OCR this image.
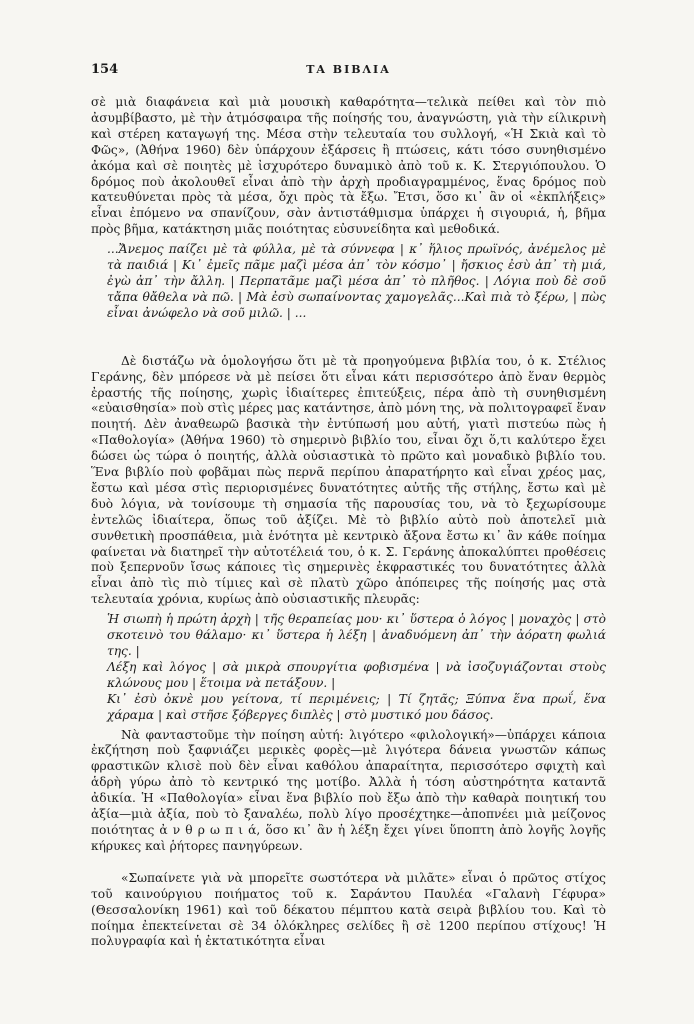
154	ΤΑ ΒΙΒΛΙΑ

σὲ μιὰ διαφάνεια καὶ μιὰ μουσικὴ καθαρότητα—τελικὰ πείθει καὶ τὸν πιὸ ἀσυμβίβαστο, μὲ τὴν ἀτμόσφαιρα τῆς ποίησής του, ἀναγνώστη, γιὰ τὴν είλικρινὴ καὶ στέρεη καταγωγή της. Μέσα στὴν τελευταία του συλλογή, «Ἡ Σκιὰ καὶ τὸ Φῶς», (Ἀθήνα 1960) δὲν ὑπάρχουν ἐξάρσεις ἢ πτώσεις, κάτι τόσο συνηθισμένο ἀκόμα καὶ σὲ ποιητὲς μὲ ἰσχυρότερο δυναμικὸ ἀπὸ τοῦ κ. Κ. Στεργιόπουλου. Ὁ δρόμος ποὺ ἀκολουθεῖ εἶναι ἀπὸ τὴν ἀρχὴ προδιαγραμμένος, ἕνας δρόμος ποὺ κατευθύνεται πρὸς τὰ μέσα, ὄχι πρὸς τὰ ἔξω. Ἔτσι, ὅσο κι᾿ ἂν οἱ «ἐκπλήξεις» εἶναι ἐπόμενο να σπανίζουν, σὰν ἀντιστάθμισμα ὑπάρχει ἡ σιγουριά, ἡ, βῆμα πρὸς βῆμα, κατάκτηση μιᾶς ποιότητας εὐσυνείδητα καὶ μεθοδικά.

...Ἄνεμος παίζει μὲ τὰ φύλλα, μὲ τὰ σύννεφα | κ᾿ ἥλιος πρωϊνός, ἀνέμελος μὲ τὰ παιδιά | Κι᾿ ἐμεῖς πᾶμε μαζὶ μέσα ἀπ᾿ τὸν κόσμο᾿ | ἤσκιος ἐσὺ ἀπ᾿ τὴ μιά, ἐγὼ ἀπ᾿ τὴν ἄλλη. | Περπατᾶμε μαζὶ μέσα ἀπ᾿ τὸ πλῆθος. | Λόγια ποὺ δὲ σοῦ τἄπα θἄθελα νὰ πῶ. | Μὰ ἐσὺ σωπαίνοντας χαμογελᾶς...Καὶ πιὰ τὸ ξέρω, | πὼς εἶναι ἀνώφελο νὰ σοῦ μιλῶ. | ...

Δὲ διστάζω νὰ ὁμολογήσω ὅτι μὲ τὰ προηγούμενα βιβλία του, ὁ κ. Στέλιος Γεράνης, δὲν μπόρεσε νὰ μὲ πείσει ὅτι εἶναι κάτι περισσότερο ἀπὸ ἕναν θερμὸς ἐραστής τῆς ποίησης, χωρὶς ἰδιαίτερες ἐπιτεύξεις, πέρα ἀπὸ τὴ συνηθισμένη «εὐαισθησία» ποὺ στὶς μέρες μας κατάντησε, ἀπὸ μόνη της, νὰ πολιτογραφεῖ ἕναν ποιητή. Δὲν ἀναθεωρῶ βασικὰ τὴν ἐντύπωσή μου αὐτή, γιατὶ πιστεύω πὼς ἡ «Παθολογία» (Ἀθήνα 1960) τὸ σημερινὸ βιβλίο του, εἶναι ὄχι ὅ,τι καλύτερο ἔχει δώσει ὡς τώρα ὁ ποιητής, ἀλλὰ οὐσιαστικὰ τὸ πρῶτο καὶ μοναδικὸ βιβλίο του. Ἕνα βιβλίο ποὺ φοβᾶμαι πὼς περνᾶ περίπου ἀπαρατήρητο καὶ εἶναι χρέος μας, ἔστω καὶ μέσα στὶς περιορισμένες δυνατότητες αὐτῆς τῆς στήλης, ἔστω καὶ μὲ δυὸ λόγια, νὰ τονίσουμε τὴ σημασία τῆς παρουσίας του, νὰ τὸ ξεχωρίσουμε ἐντελῶς ἰδιαίτερα, ὅπως τοῦ ἀξίζει. Μὲ τὸ βιβλίο αὐτὸ ποὺ ἀποτελεῖ μιὰ συνθετικὴ προσπάθεια, μιὰ ἑνότητα μὲ κεντρικὸ ἄξονα ἔστω κι᾿ ἂν κάθε ποίημα φαίνεται νὰ διατηρεῖ τὴν αὐτοτέλειά του, ὁ κ. Σ. Γεράνης ἀποκαλύπτει προθέσεις ποὺ ξεπερνοῦν ἴσως κάποιες τὶς σημερινὲς ἐκφραστικές του δυνατότητες ἀλλὰ εἶναι ἀπὸ τὶς πιὸ τίμιες καὶ σὲ πλατὺ χῶρο ἀπόπειρες τῆς ποίησής μας στὰ τελευταία χρόνια, κυρίως ἀπὸ οὐσιαστικῆς πλευρᾶς:

Ἡ σιωπὴ ἡ πρώτη ἀρχὴ | τῆς θεραπείας μου· κι᾿ ὕστερα ὁ λόγος | μοναχὸς | στὸ σκοτεινὸ του θάλαμο· κι᾿ ὕστερα ἡ λέξη | ἀναδυόμενη ἀπ᾿ τὴν ἀόρατη φωλιά της. |

Λέξη καὶ λόγος | σὰ μικρὰ σπουργίτια φοβισμένα | νὰ ἰσοζυγιάζονται στοὺς κλώνους μου | ἕτοιμα νὰ πετάξουν. |

Κι᾿ ἐσὺ ὀκνὲ μου γείτονα, τί περιμένεις; | Τί ζητᾶς; Ξύπνα ἕνα πρωΐ, ἕνα χάραμα | καὶ στῆσε ξόβεργες διπλὲς | στὸ μυστικό μου δάσος.

Νὰ φανταστοῦμε τὴν ποίηση αὐτή: λιγότερο «φιλολογική»—ὑπάρχει κάποια ἐκζήτηση ποὺ ξαφνιάζει μερικὲς φορὲς—μὲ λιγότερα δάνεια γνωστῶν κάπως φραστικῶν κλισὲ ποὺ δὲν εἶναι καθόλου ἀπαραίτητα, περισσότερο σφιχτὴ καὶ ἁδρὴ γύρω ἀπὸ τὸ κεντρικό της μοτίβο. Ἀλλὰ ἡ τόση αὐστηρότητα καταντᾶ ἀδικία. Ἡ «Παθολογία» εἶναι ἕνα βιβλίο ποὺ ἔξω ἀπὸ τὴν καθαρὰ ποιητική του ἀξία—μιὰ ἀξία, ποὺ τὸ ξαναλέω, πολὺ λίγο προσέχτηκε—ἀποπνέει μιὰ μείζονος ποιότητας ἀ ν θ ρ ω π ι ά, ὅσο κι᾿ ἂν ἡ λέξη ἔχει γίνει ὕποπτη ἀπὸ λογῆς λογῆς κήρυκες καὶ ῥήτορες πανηγύρεων.

«Σωπαίνετε γιὰ νὰ μπορεῖτε σωστότερα νὰ μιλᾶτε» εἶναι ὁ πρῶτος στίχος τοῦ καινούργιου ποιήματος τοῦ κ. Σαράντου Παυλέα «Γαλανὴ Γέφυρα» (Θεσσαλονίκη 1961) καὶ τοῦ δέκατου πέμπτου κατὰ σειρὰ βιβλίου του. Καὶ τὸ ποίημα ἐπεκτείνεται σὲ 34 ὁλόκληρες σελίδες ἢ σὲ 1200 περίπου στίχους! Ἡ πολυγραφία καὶ ἡ ἐκτατικότητα εἶναι
